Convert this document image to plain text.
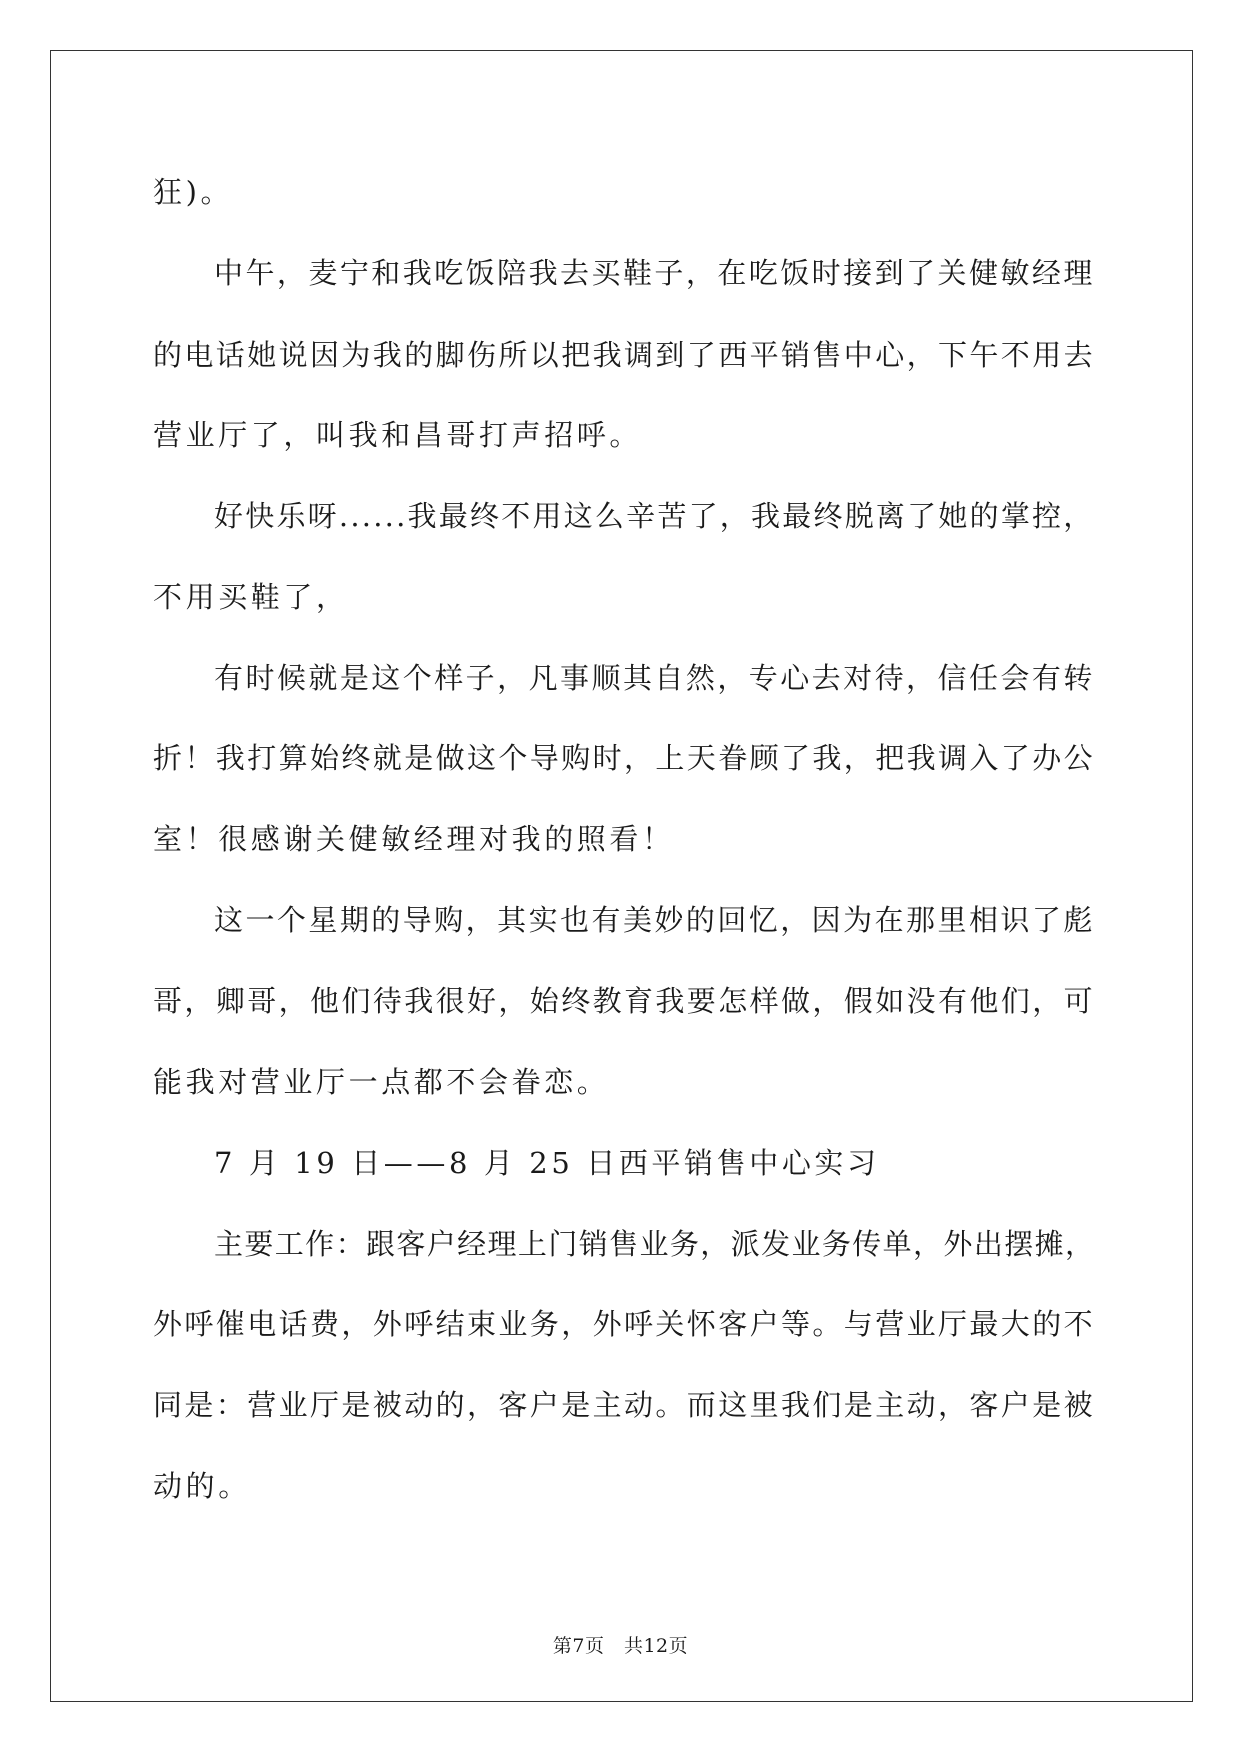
狂)。
中午，麦宁和我吃饭陪我去买鞋子，在吃饭时接到了关健敏经理
的电话她说因为我的脚伤所以把我调到了西平销售中心，下午不用去
营业厅了，叫我和昌哥打声招呼。
好快乐呀......我最终不用这么辛苦了，我最终脱离了她的掌控，
不用买鞋了，
有时候就是这个样子，凡事顺其自然，专心去对待，信任会有转
折！我打算始终就是做这个导购时，上天眷顾了我，把我调入了办公
室！很感谢关健敏经理对我的照看！
这一个星期的导购，其实也有美妙的回忆，因为在那里相识了彪
哥，卿哥，他们待我很好，始终教育我要怎样做，假如没有他们，可
能我对营业厅一点都不会眷恋。
7 月 19 日——8 月 25 日西平销售中心实习
主要工作：跟客户经理上门销售业务，派发业务传单，外出摆摊，
外呼催电话费，外呼结束业务，外呼关怀客户等。与营业厅最大的不
同是：营业厅是被动的，客户是主动。而这里我们是主动，客户是被
动的。
第7页　共12页
